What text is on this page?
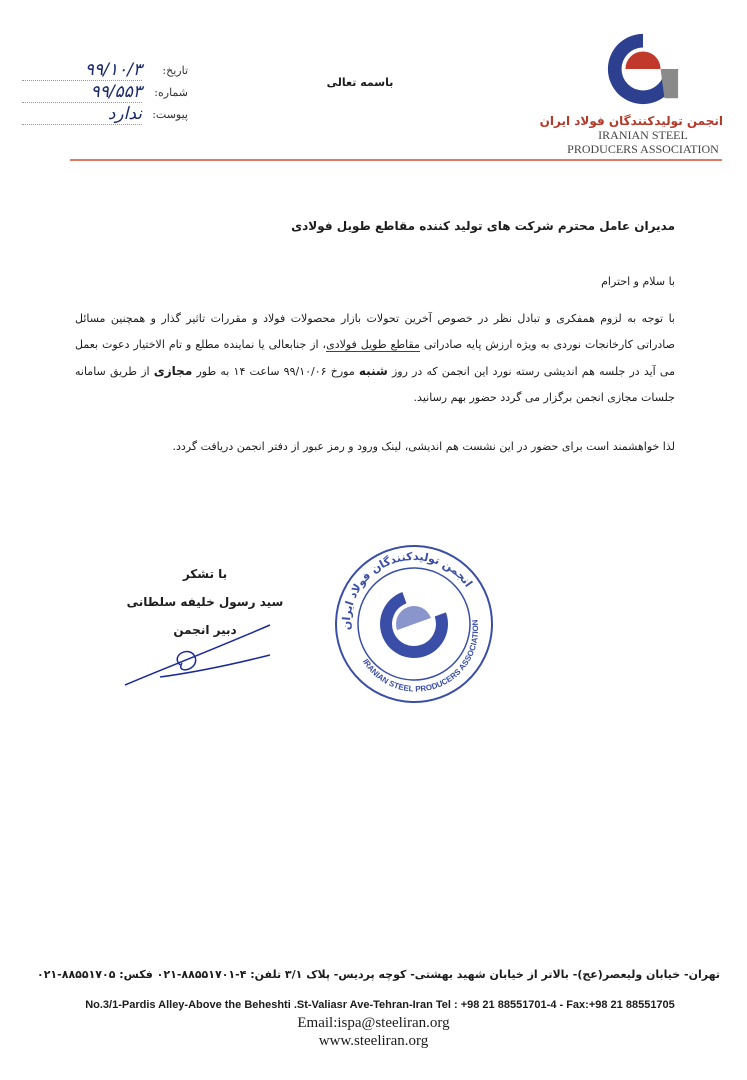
انجمن تولیدکنندگان فولاد ایران
IRANIAN STEEL
PRODUCERS ASSOCIATION
باسمه تعالی
تاریخ:
۹۹/۱۰/۳
شماره:
۹۹/۵۵۳
پیوست:
ندارد
مدیران عامل محترم شرکت های تولید کننده مقاطع طویل فولادی
با سلام و احترام
با توجه به لزوم همفکری و تبادل نظر در خصوص آخرین تحولات بازار محصولات فولاد و مقررات تاثیر گذار و همچنین مسائل صادراتی کارخانجات نوردی به ویژه ارزش پایه صادراتی مقاطع طویل فولادی، از جنابعالی یا نماینده مطلع و تام الاختیار دعوت بعمل می آید در جلسه هم اندیشی رسته نورد این انجمن که در روز شنبه مورخ ۹۹/۱۰/۰۶ ساعت ۱۴ به طور مجازی از طریق سامانه جلسات مجازی انجمن برگزار می گردد حضور بهم رسانید.
لذا خواهشمند است برای حضور در این نشست هم اندیشی، لینک ورود و رمز عبور از دفتر انجمن دریافت گردد.
با تشکر
سید رسول خلیفه سلطانی
دبیر انجمن	انجمن تولیدکنندگان فولاد ایران
IRANIAN STEEL PRODUCERS ASSOCIATION
تهران- خیابان ولیعصر(عج)- بالاتر از خیابان شهید بهشتی- کوچه پردیس- پلاک ۳/۱ تلفن: ۴-۸۸۵۵۱۷۰۱-۰۲۱ فکس: ۸۸۵۵۱۷۰۵-۰۲۱
No.3/1-Pardis Alley-Above the Beheshti .St-Valiasr Ave-Tehran-Iran Tel : +98 21 88551701-4 - Fax:+98 21 88551705
Email:ispa@steeliran.org
www.steeliran.org
